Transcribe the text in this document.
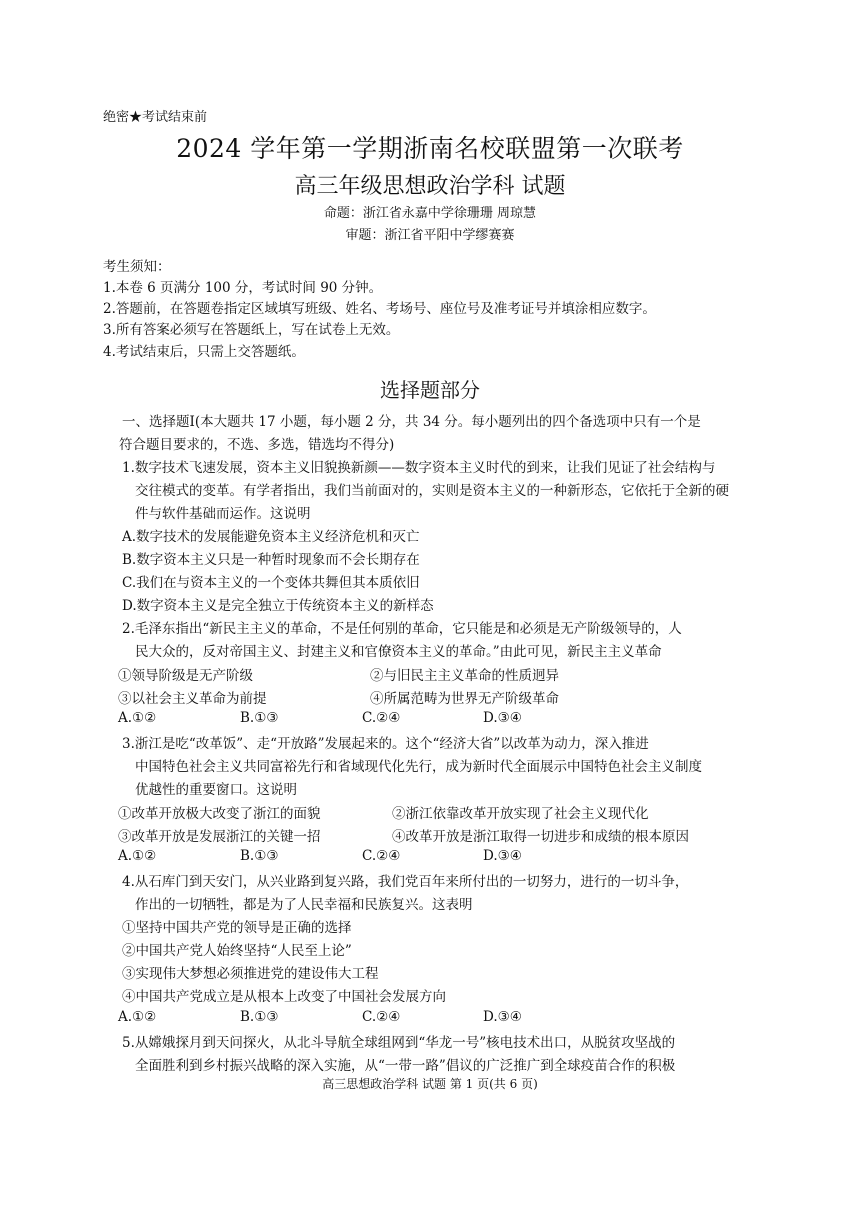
绝密★考试结束前
2024 学年第一学期浙南名校联盟第一次联考
高三年级思想政治学科 试题
命题：浙江省永嘉中学徐珊珊 周琼慧
审题：浙江省平阳中学缪赛赛
考生须知：
1.本卷 6 页满分 100 分，考试时间 90 分钟。
2.答题前，在答题卷指定区域填写班级、姓名、考场号、座位号及准考证号并填涂相应数字。
3.所有答案必须写在答题纸上，写在试卷上无效。
4.考试结束后，只需上交答题纸。
选择题部分
一、选择题Ⅰ(本大题共 17 小题，每小题 2 分，共 34 分。每小题列出的四个备选项中只有一个是
符合题目要求的，不选、多选，错选均不得分)
1.数字技术飞速发展，资本主义旧貌换新颜——数字资本主义时代的到来，让我们见证了社会结构与
交往模式的变革。有学者指出，我们当前面对的，实则是资本主义的一种新形态，它依托于全新的硬
件与软件基础而运作。这说明
A.数字技术的发展能避免资本主义经济危机和灭亡
B.数字资本主义只是一种暂时现象而不会长期存在
C.我们在与资本主义的一个变体共舞但其本质依旧
D.数字资本主义是完全独立于传统资本主义的新样态
2.毛泽东指出“新民主主义的革命，不是任何别的革命，它只能是和必须是无产阶级领导的，人
民大众的，反对帝国主义、封建主义和官僚资本主义的革命。”由此可见，新民主主义革命
①领导阶级是无产阶级	②与旧民主主义革命的性质迥异
③以社会主义革命为前提	④所属范畴为世界无产阶级革命
A.①②	B.①③	C.②④	D.③④
3.浙江是吃“改革饭”、走“开放路”发展起来的。这个“经济大省”以改革为动力，深入推进
中国特色社会主义共同富裕先行和省域现代化先行，成为新时代全面展示中国特色社会主义制度
优越性的重要窗口。这说明
①改革开放极大改变了浙江的面貌	②浙江依靠改革开放实现了社会主义现代化
③改革开放是发展浙江的关键一招	④改革开放是浙江取得一切进步和成绩的根本原因
A.①②	B.①③	C.②④	D.③④
4.从石库门到天安门，从兴业路到复兴路，我们党百年来所付出的一切努力，进行的一切斗争，
作出的一切牺牲，都是为了人民幸福和民族复兴。这表明
①坚持中国共产党的领导是正确的选择
②中国共产党人始终坚持“人民至上论”
③实现伟大梦想必须推进党的建设伟大工程
④中国共产党成立是从根本上改变了中国社会发展方向
A.①②	B.①③	C.②④	D.③④
5.从嫦娥探月到天问探火，从北斗导航全球组网到“华龙一号”核电技术出口，从脱贫攻坚战的
全面胜利到乡村振兴战略的深入实施，从“一带一路”倡议的广泛推广到全球疫苗合作的积极
高三思想政治学科 试题 第 1 页(共 6 页)
